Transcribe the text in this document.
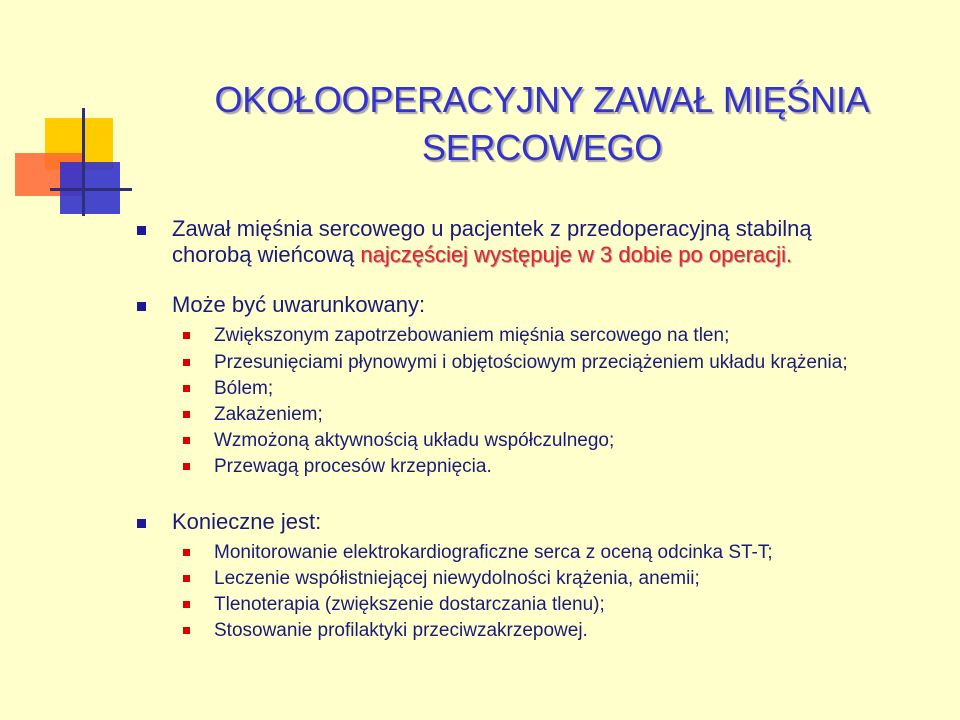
OKOŁOOPERACYJNY ZAWAŁ MIĘŚNIA
SERCOWEGO
Zawał mięśnia sercowego u pacjentek z przedoperacyjną stabilną
chorobą wieńcową najczęściej występuje w 3 dobie po operacji.
Może być uwarunkowany:
Zwiększonym zapotrzebowaniem mięśnia sercowego na tlen;
Przesunięciami płynowymi i objętościowym przeciążeniem układu krążenia;
Bólem;
Zakażeniem;
Wzmożoną aktywnością układu współczulnego;
Przewagą procesów krzepnięcia.
Konieczne jest:
Monitorowanie elektrokardiograficzne serca z oceną odcinka ST-T;
Leczenie współistniejącej niewydolności krążenia, anemii;
Tlenoterapia (zwiększenie dostarczania tlenu);
Stosowanie profilaktyki przeciwzakrzepowej.
